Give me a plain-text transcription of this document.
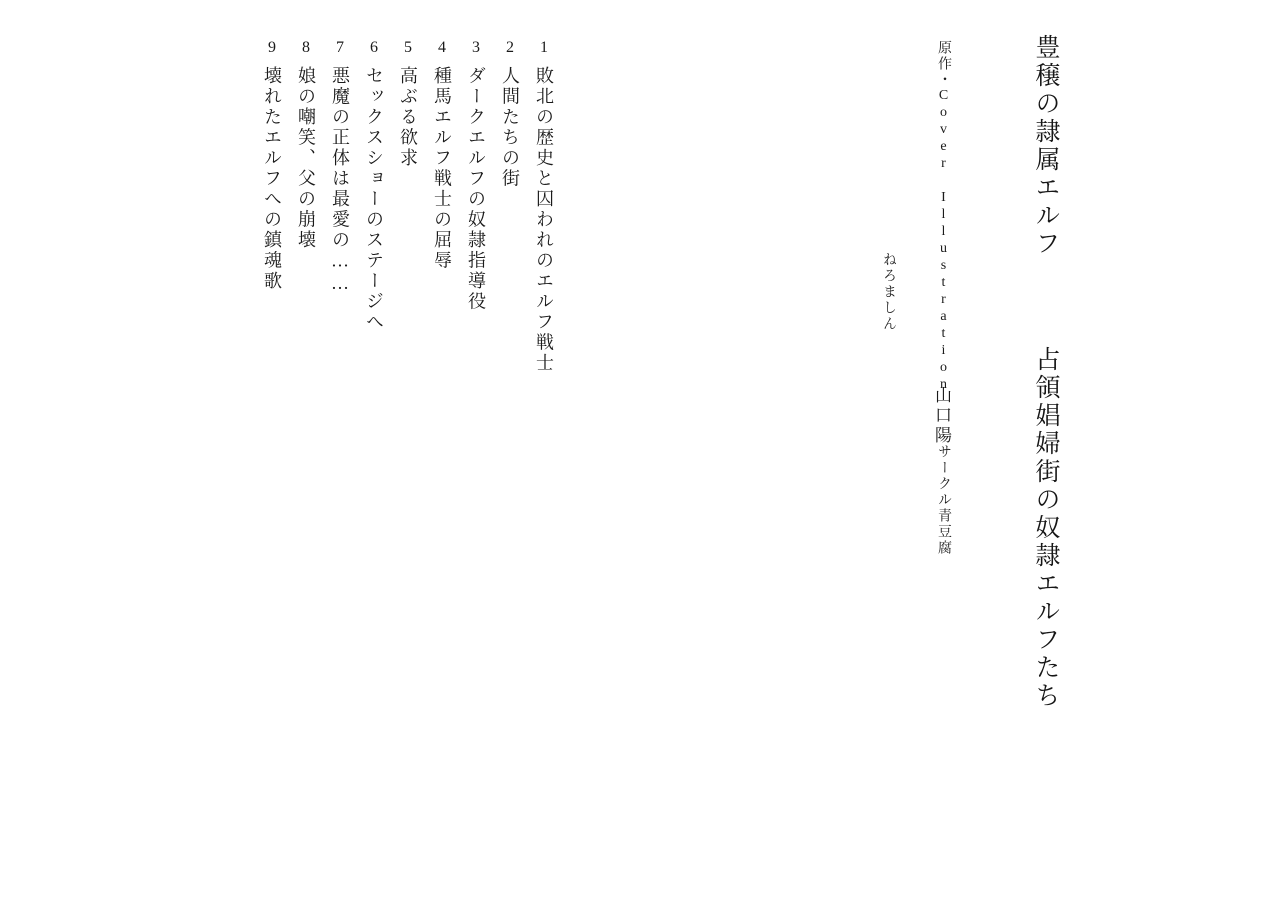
豊穣の隷属エルフ 　 占領娼婦街の奴隷エルフたち
原作・Cover Illustration 　 サークル青豆腐
ねろましん
山口陽
1
敗北の歴史と囚われのエルフ戦士
2
人間たちの街
3
ダークエルフの奴隷指導役
4
種馬エルフ戦士の屈辱
5
高ぶる欲求
6
セックスショーのステージへ
7
悪魔の正体は最愛の……
8
娘の嘲笑、父の崩壊
9
壊れたエルフへの鎮魂歌
